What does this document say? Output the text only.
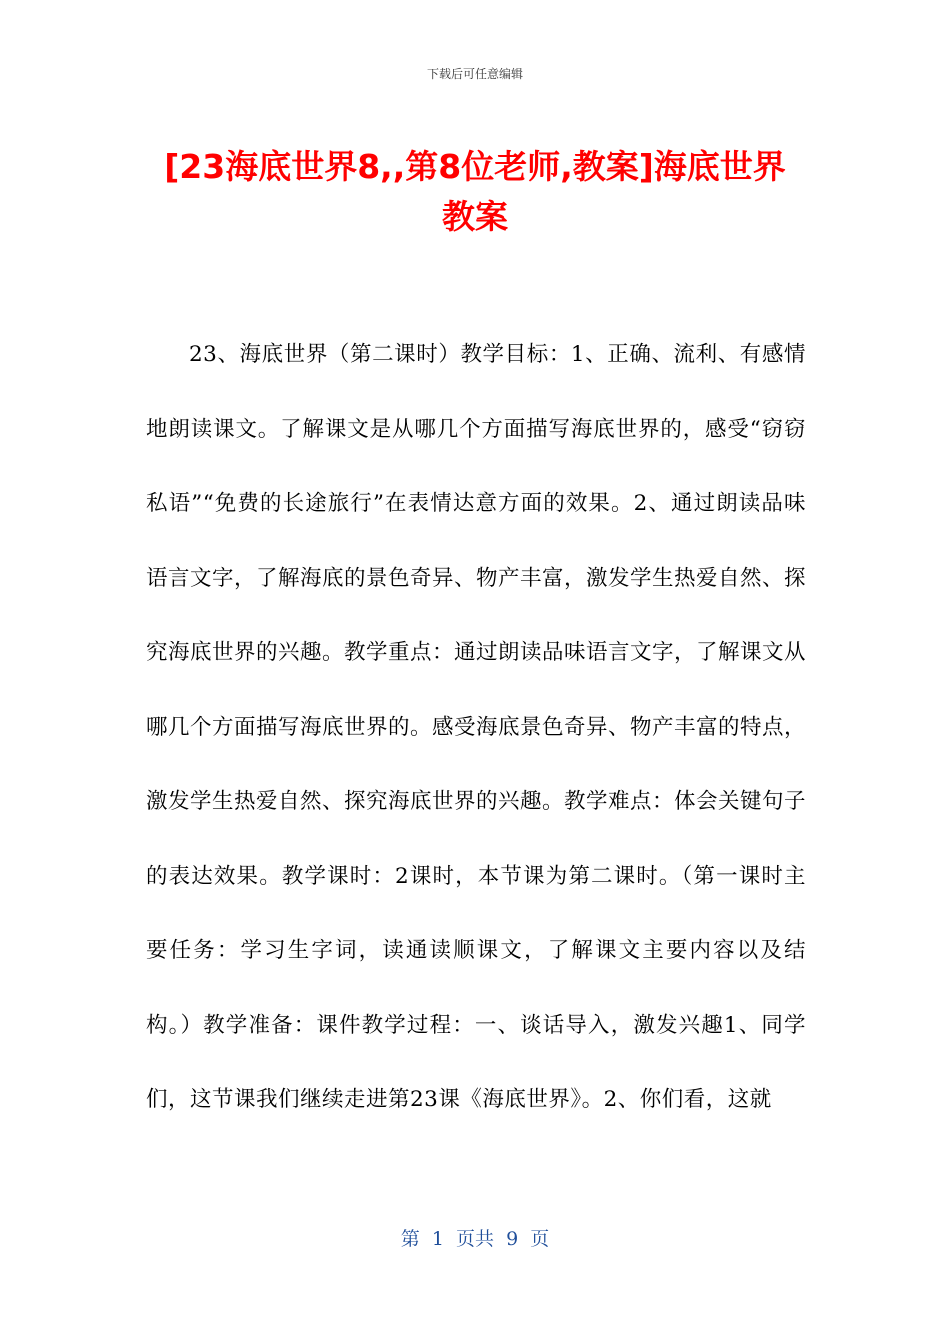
下载后可任意编辑
[23海底世界8,,第8位老师,教案]海底世界教案

23、海底世界（第二课时）教学目标：1、正确、流利、有感情地朗读课文。了解课文是从哪几个方面描写海底世界的，感受“窃窃私语”“免费的长途旅行”在表情达意方面的效果。2、通过朗读品味语言文字，了解海底的景色奇异、物产丰富，激发学生热爱自然、探究海底世界的兴趣。教学重点：通过朗读品味语言文字，了解课文从哪几个方面描写海底世界的。感受海底景色奇异、物产丰富的特点，激发学生热爱自然、探究海底世界的兴趣。教学难点：体会关键句子的表达效果。教学课时：2课时，本节课为第二课时。（第一课时主要任务：学习生字词，读通读顺课文，了解课文主要内容以及结构。）教学准备：课件教学过程：一、谈话导入，激发兴趣1、同学们，这节课我们继续走进第23课《海底世界》。2、你们看，这就

第  1  页共  9  页
